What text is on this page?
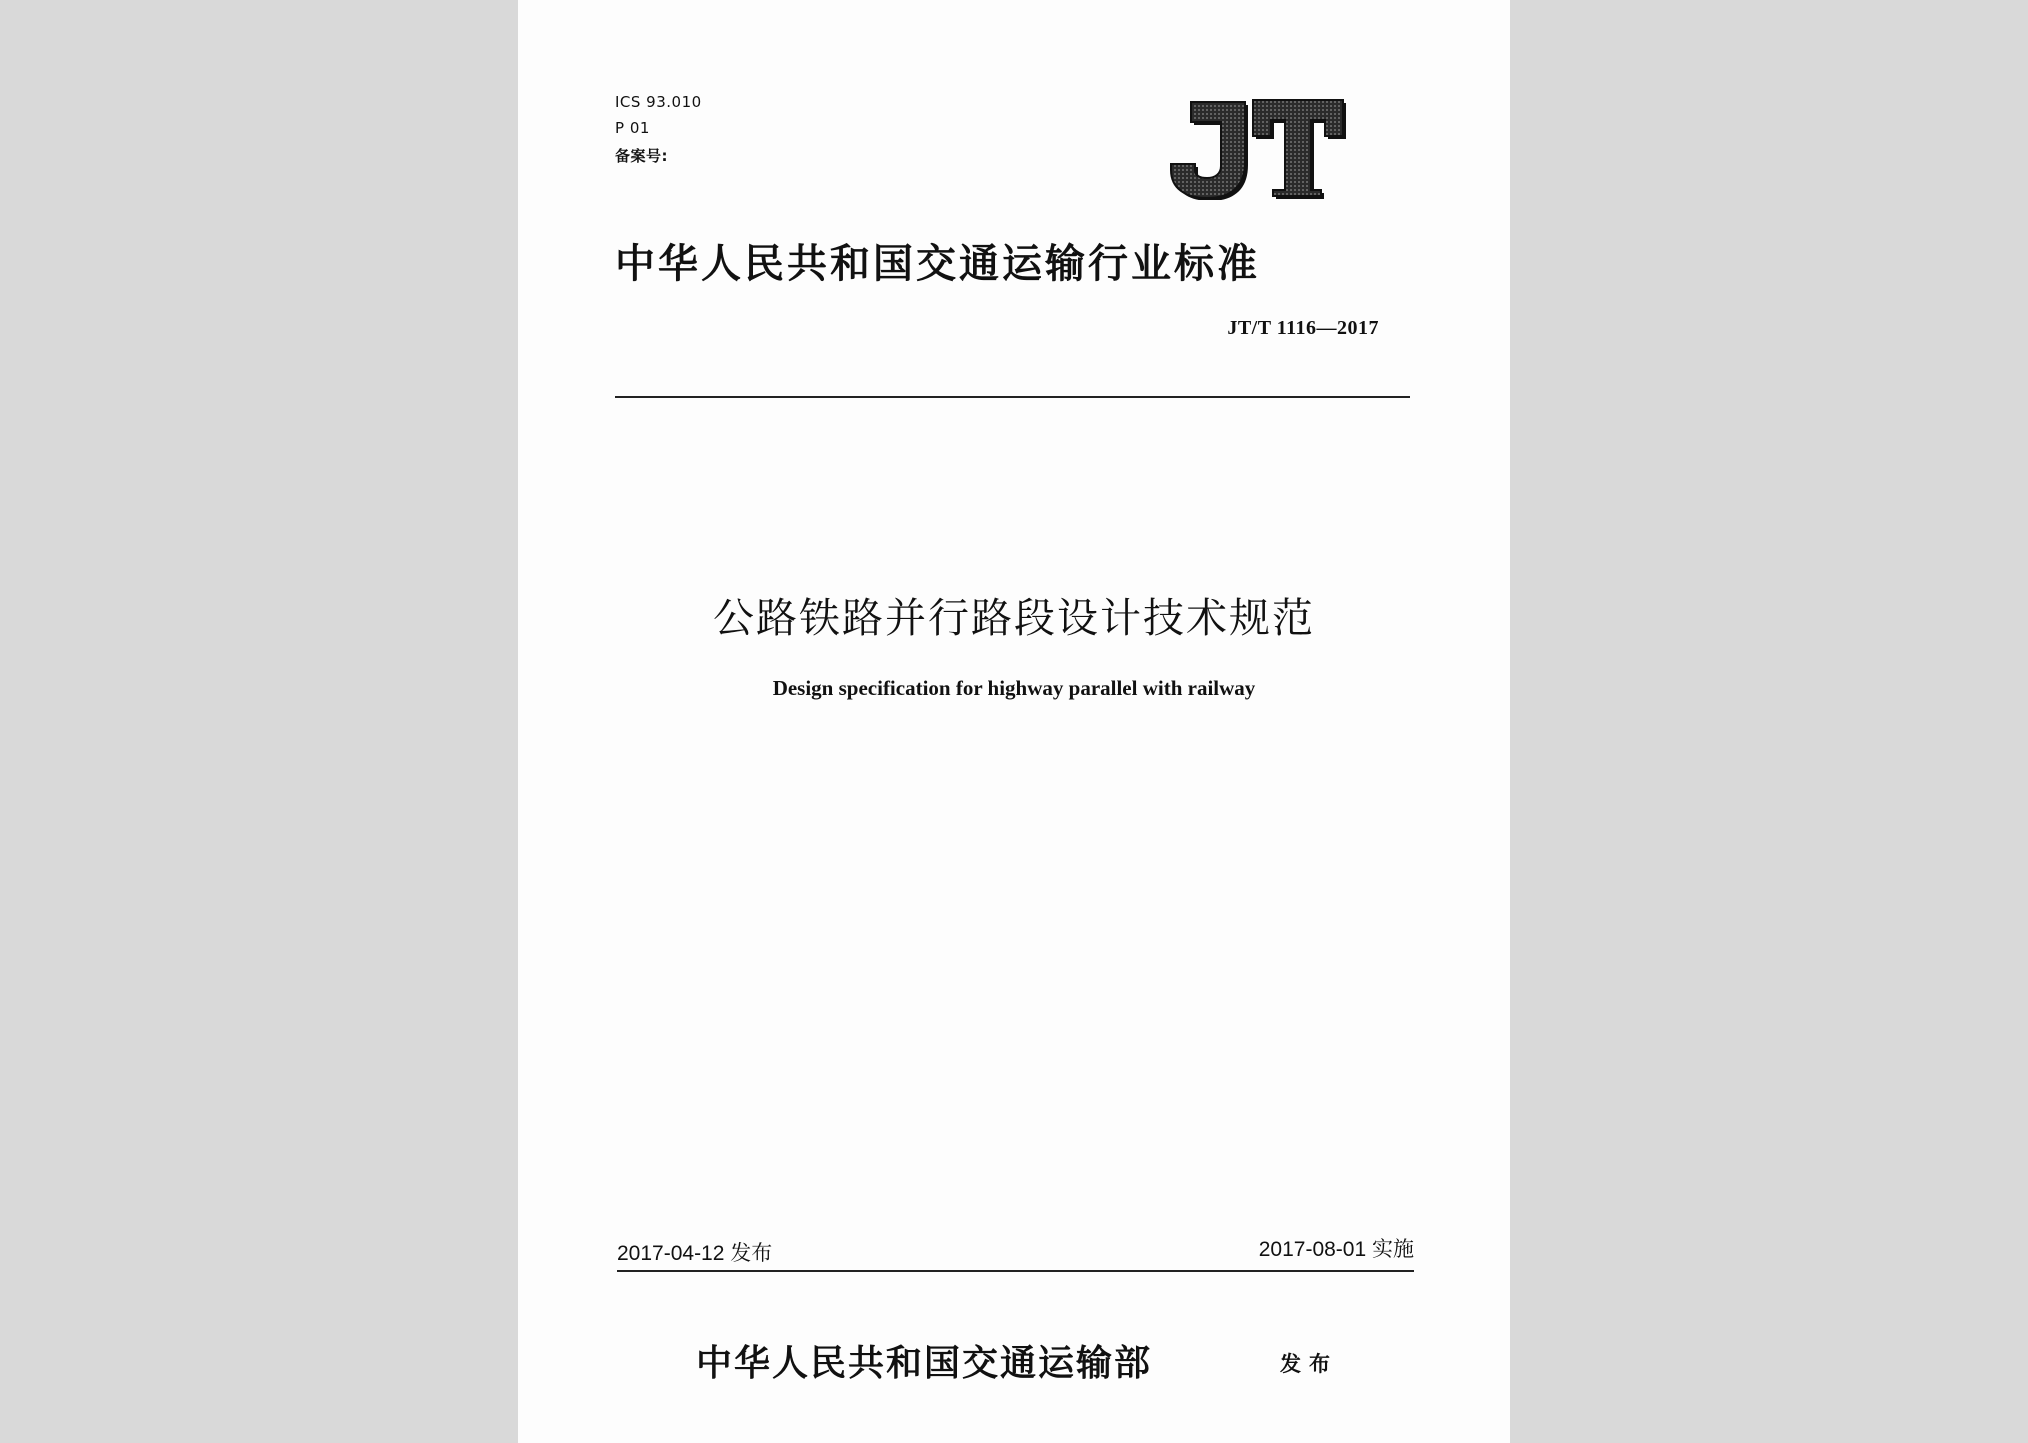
ICS 93.010
P 01
备案号:
中华人民共和国交通运输行业标准
JT/T 1116—2017
公路铁路并行路段设计技术规范
Design specification for highway parallel with railway
2017-04-12 发布	2017-08-01 实施
中华人民共和国交通运输部	发布
